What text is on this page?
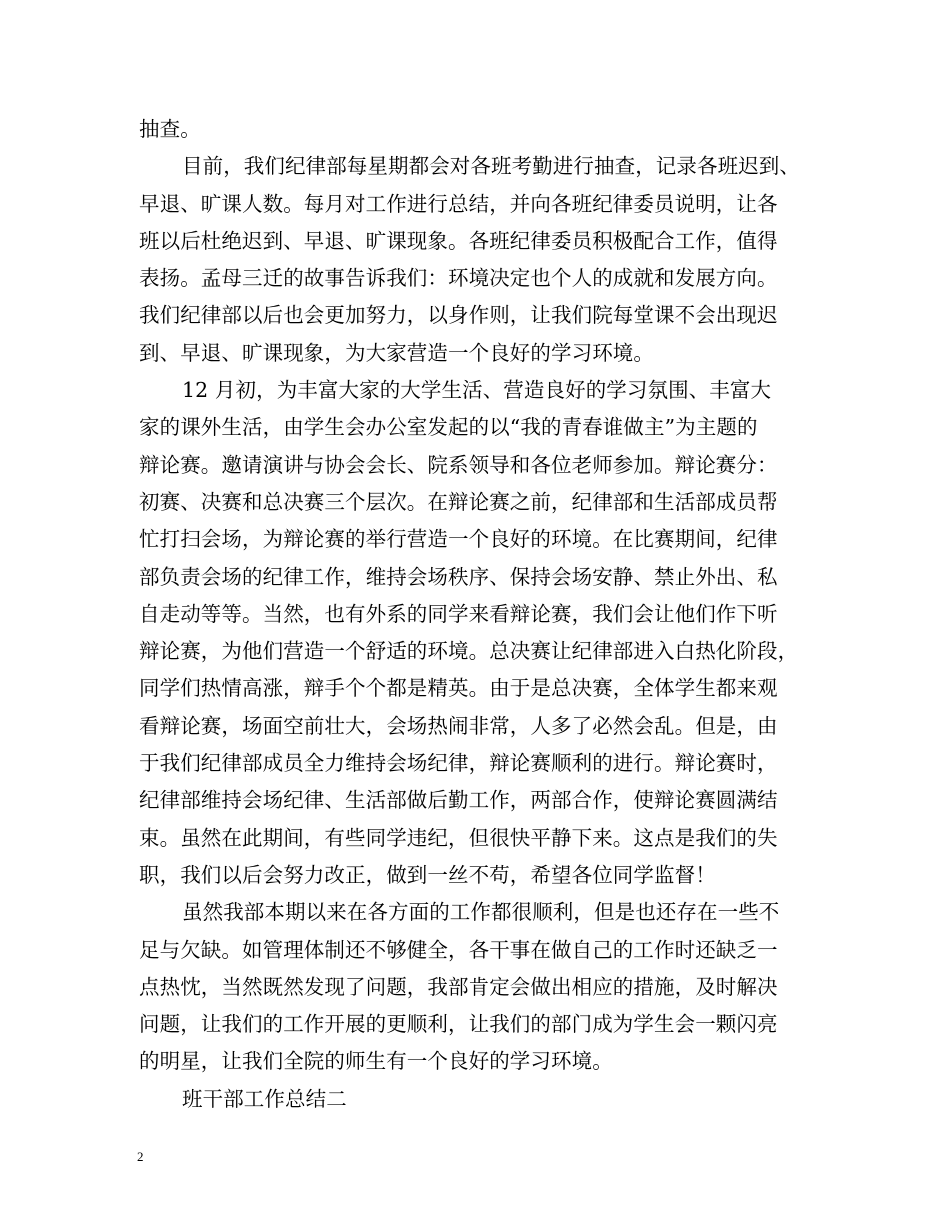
抽查。
目前，我们纪律部每星期都会对各班考勤进行抽查，记录各班迟到、
早退、旷课人数。每月对工作进行总结，并向各班纪律委员说明，让各
班以后杜绝迟到、早退、旷课现象。各班纪律委员积极配合工作，值得
表扬。孟母三迁的故事告诉我们：环境决定也个人的成就和发展方向。
我们纪律部以后也会更加努力，以身作则，让我们院每堂课不会出现迟
到、早退、旷课现象，为大家营造一个良好的学习环境。
12 月初，为丰富大家的大学生活、营造良好的学习氛围、丰富大
家的课外生活，由学生会办公室发起的以“我的青春谁做主”为主题的
辩论赛。邀请演讲与协会会长、院系领导和各位老师参加。辩论赛分：
初赛、决赛和总决赛三个层次。在辩论赛之前，纪律部和生活部成员帮
忙打扫会场，为辩论赛的举行营造一个良好的环境。在比赛期间，纪律
部负责会场的纪律工作，维持会场秩序、保持会场安静、禁止外出、私
自走动等等。当然，也有外系的同学来看辩论赛，我们会让他们作下听
辩论赛，为他们营造一个舒适的环境。总决赛让纪律部进入白热化阶段，
同学们热情高涨，辩手个个都是精英。由于是总决赛，全体学生都来观
看辩论赛，场面空前壮大，会场热闹非常，人多了必然会乱。但是，由
于我们纪律部成员全力维持会场纪律，辩论赛顺利的进行。辩论赛时，
纪律部维持会场纪律、生活部做后勤工作，两部合作，使辩论赛圆满结
束。虽然在此期间，有些同学违纪，但很快平静下来。这点是我们的失
职，我们以后会努力改正，做到一丝不苟，希望各位同学监督！
虽然我部本期以来在各方面的工作都很顺利，但是也还存在一些不
足与欠缺。如管理体制还不够健全，各干事在做自己的工作时还缺乏一
点热忱，当然既然发现了问题，我部肯定会做出相应的措施，及时解决
问题，让我们的工作开展的更顺利，让我们的部门成为学生会一颗闪亮
的明星，让我们全院的师生有一个良好的学习环境。
班干部工作总结二
2
